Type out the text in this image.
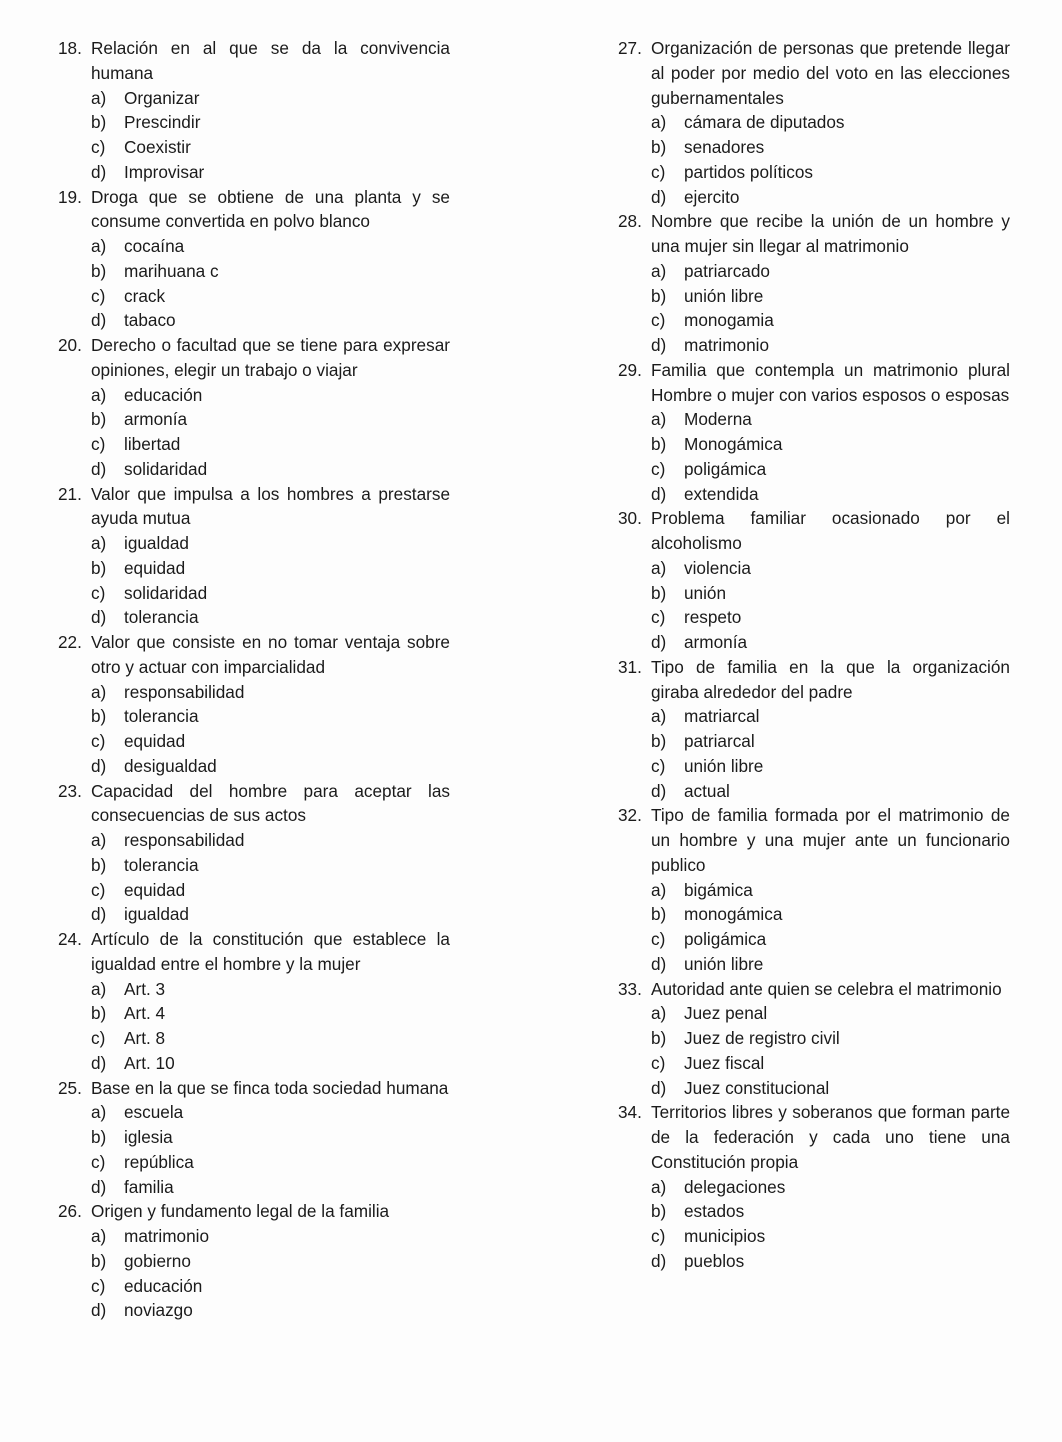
18. Relación en al que se da la convivencia humana
a)	Organizar
b)	Prescindir
c)	Coexistir
d)	Improvisar
19. Droga que se obtiene de una planta y se consume convertida en polvo blanco
a)	cocaína
b)	marihuana c
c)	crack
d)	tabaco
20. Derecho o facultad que se tiene para expresar opiniones, elegir un trabajo o viajar
a)	educación
b)	armonía
c)	libertad
d)	solidaridad
21. Valor que impulsa a los hombres a prestarse ayuda mutua
a)	igualdad
b)	equidad
c)	solidaridad
d)	tolerancia
22. Valor que consiste en no tomar ventaja sobre otro y actuar con imparcialidad
a)	responsabilidad
b)	tolerancia
c)	equidad
d)	desigualdad
23. Capacidad del hombre para aceptar las consecuencias de sus actos
a)	responsabilidad
b)	tolerancia
c)	equidad
d)	igualdad
24. Artículo de la constitución que establece la igualdad entre el hombre y la mujer
a)	Art. 3
b)	Art. 4
c)	Art. 8
d)	Art. 10
25. Base en la que se finca toda sociedad humana
a)	escuela
b)	iglesia
c)	república
d)	familia
26. Origen y fundamento legal de la familia
a)	matrimonio
b)	gobierno
c)	educación
d)	noviazgo
27. Organización de personas que pretende llegar al poder por medio del voto en las elecciones gubernamentales
a)	cámara de diputados
b)	senadores
c)	partidos políticos
d)	ejercito
28. Nombre que recibe la unión de un hombre y una mujer sin llegar al matrimonio
a)	patriarcado
b)	unión libre
c)	monogamia
d)	matrimonio
29. Familia que contempla un matrimonio plural Hombre o mujer con varios esposos o esposas
a)	Moderna
b)	Monogámica
c)	poligámica
d)	extendida
30. Problema familiar ocasionado por el alcoholismo
a)	violencia
b)	unión
c)	respeto
d)	armonía
31. Tipo de familia en la que la organización giraba alrededor del padre
a)	matriarcal
b)	patriarcal
c)	unión libre
d)	actual
32. Tipo de familia formada por el matrimonio de un hombre y una mujer ante un funcionario publico
a)	bigámica
b)	monogámica
c)	poligámica
d)	unión libre
33. Autoridad ante quien se celebra el matrimonio
a)	Juez penal
b)	Juez de registro civil
c)	Juez fiscal
d)	Juez constitucional
34. Territorios libres y soberanos que forman parte de la federación y cada uno tiene una Constitución propia
a)	delegaciones
b)	estados
c)	municipios
d)	pueblos
